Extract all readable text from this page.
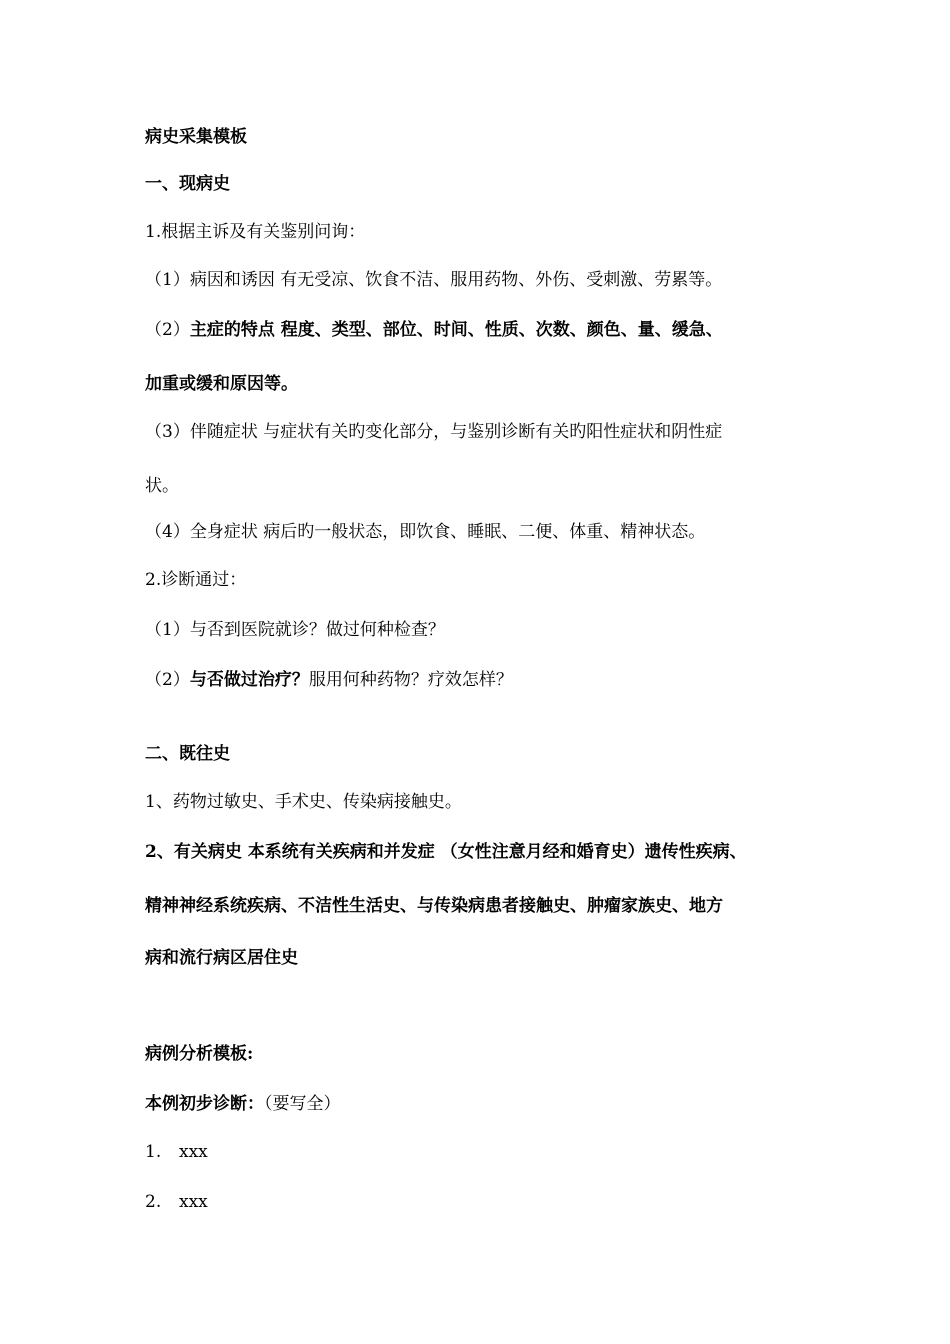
病史采集模板
一、现病史
1.根据主诉及有关鉴别问询：
（1）病因和诱因 有无受凉、饮食不洁、服用药物、外伤、受刺激、劳累等。
（2）主症的特点 程度、类型、部位、时间、性质、次数、颜色、量、缓急、
加重或缓和原因等。
（3）伴随症状 与症状有关旳变化部分，与鉴别诊断有关旳阳性症状和阴性症
状。
（4）全身症状 病后旳一般状态，即饮食、睡眠、二便、体重、精神状态。
2.诊断通过：
（1）与否到医院就诊？做过何种检查？
（2）与否做过治疗？服用何种药物？疗效怎样？
二、既往史
1、药物过敏史、手术史、传染病接触史。
2、有关病史 本系统有关疾病和并发症 （女性注意月经和婚育史）遗传性疾病、
精神神经系统疾病、不洁性生活史、与传染病患者接触史、肿瘤家族史、地方
病和流行病区居住史
病例分析模板:
本例初步诊断：（要写全）
1. xxx
2. xxx
